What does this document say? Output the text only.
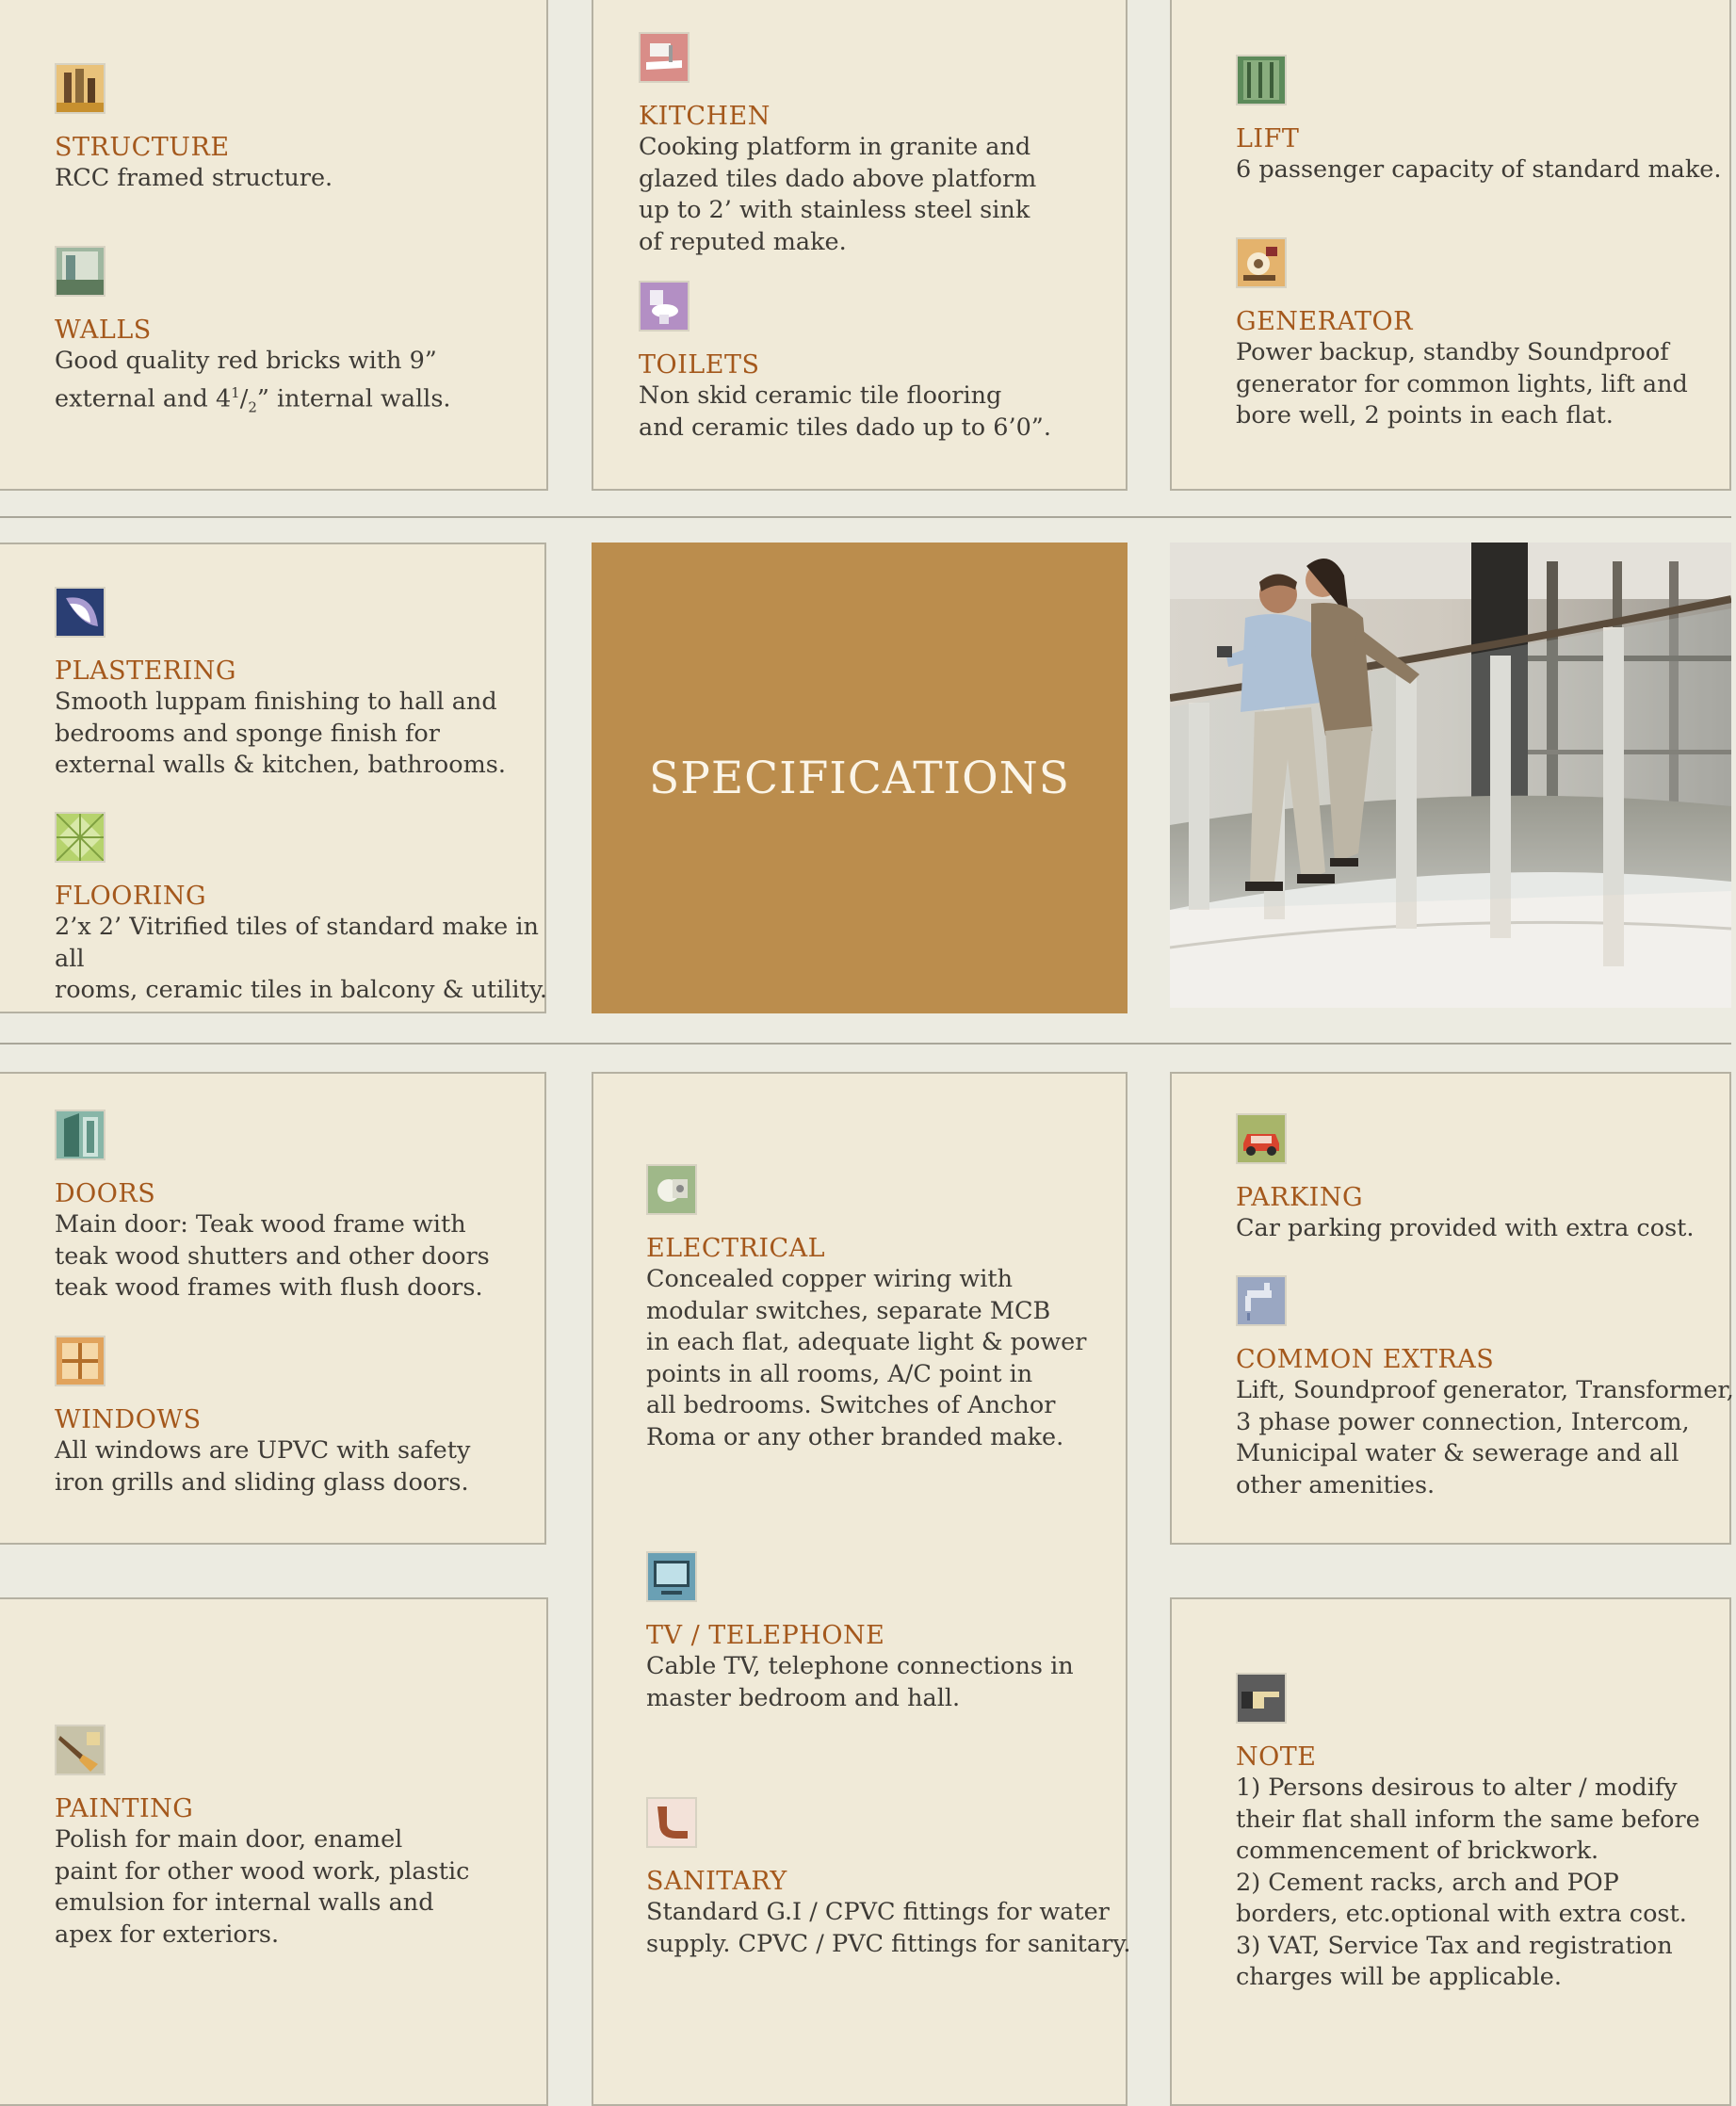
SPECIFICATIONS
STRUCTURE

RCC framed structure.

WALLS

Good quality red bricks with 9”
external and $4^1/_2$” internal walls.

KITCHEN

Cooking platform in granite and
glazed tiles dado above platform
up to 2’ with stainless steel sink
of reputed make.

TOILETS

Non skid ceramic tile flooring
and ceramic tiles dado up to 6’0”.

LIFT

6 passenger capacity of standard make.

GENERATOR

Power backup, standby Soundproof
generator for common lights, lift and
bore well, 2 points in each flat.

PLASTERING

Smooth luppam finishing to hall and
bedrooms and sponge finish for
external walls & kitchen, bathrooms.

FLOORING

2’x 2’ Vitrified tiles of standard make in all
rooms, ceramic tiles in balcony & utility.

DOORS

Main door: Teak wood frame with
teak wood shutters and other doors
teak wood frames with flush doors.

WINDOWS

All windows are UPVC with safety
iron grills and sliding glass doors.

PAINTING

Polish for main door, enamel
paint for other wood work, plastic
emulsion for internal walls and
apex for exteriors.

ELECTRICAL

Concealed copper wiring with
modular switches, separate MCB
in each flat, adequate light & power
points in all rooms, A/C point in
all bedrooms. Switches of Anchor
Roma or any other branded make.

TV / TELEPHONE

Cable TV, telephone connections in
master bedroom and hall.

SANITARY

Standard G.I / CPVC fittings for water
supply. CPVC / PVC fittings for sanitary.

PARKING

Car parking provided with extra cost.

COMMON EXTRAS

Lift, Soundproof generator, Transformer,
3 phase power connection, Intercom,
Municipal water & sewerage and all
other amenities.

NOTE

1) Persons desirous to alter / modify
their flat shall inform the same before
commencement of brickwork.
2) Cement racks, arch and POP
borders, etc.optional with extra cost.
3) VAT, Service Tax and registration
charges will be applicable.
